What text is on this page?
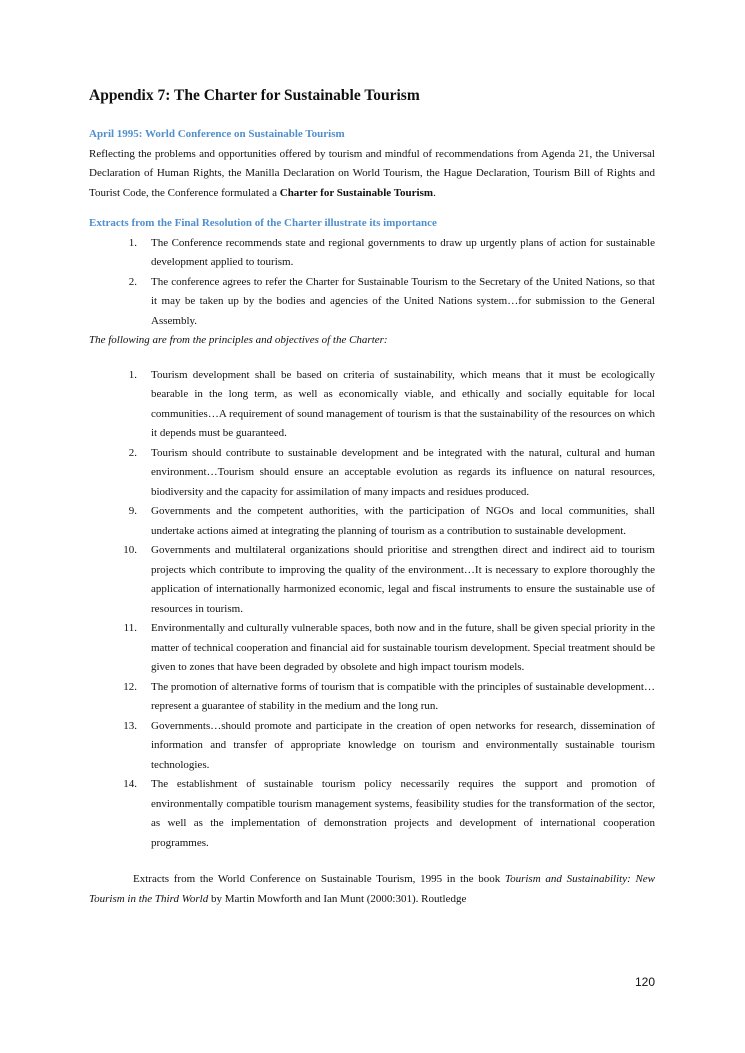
Appendix 7: The Charter for Sustainable Tourism
April 1995: World Conference on Sustainable Tourism

Reflecting the problems and opportunities offered by tourism and mindful of recommendations from Agenda 21, the Universal Declaration of Human Rights, the Manilla Declaration on World Tourism, the Hague Declaration, Tourism Bill of Rights and Tourist Code, the Conference formulated a Charter for Sustainable Tourism.

Extracts from the Final Resolution of the Charter illustrate its importance
1. The Conference recommends state and regional governments to draw up urgently plans of action for sustainable development applied to tourism.
2. The conference agrees to refer the Charter for Sustainable Tourism to the Secretary of the United Nations, so that it may be taken up by the bodies and agencies of the United Nations system…for submission to the General Assembly.

The following are from the principles and objectives of the Charter:

1. Tourism development shall be based on criteria of sustainability, which means that it must be ecologically bearable in the long term, as well as economically viable, and ethically and socially equitable for local communities…A requirement of sound management of tourism is that the sustainability of the resources on which it depends must be guaranteed.
2. Tourism should contribute to sustainable development and be integrated with the natural, cultural and human environment…Tourism should ensure an acceptable evolution as regards its influence on natural resources, biodiversity and the capacity for assimilation of many impacts and residues produced.
9. Governments and the competent authorities, with the participation of NGOs and local communities, shall undertake actions aimed at integrating the planning of tourism as a contribution to sustainable development.
10. Governments and multilateral organizations should prioritise and strengthen direct and indirect aid to tourism projects which contribute to improving the quality of the environment…It is necessary to explore thoroughly the application of internationally harmonized economic, legal and fiscal instruments to ensure the sustainable use of resources in tourism.
11. Environmentally and culturally vulnerable spaces, both now and in the future, shall be given special priority in the matter of technical cooperation and financial aid for sustainable tourism development. Special treatment should be given to zones that have been degraded by obsolete and high impact tourism models.
12. The promotion of alternative forms of tourism that is compatible with the principles of sustainable development…represent a guarantee of stability in the medium and the long run.
13. Governments…should promote and participate in the creation of open networks for research, dissemination of information and transfer of appropriate knowledge on tourism and environmentally sustainable tourism technologies.
14. The establishment of sustainable tourism policy necessarily requires the support and promotion of environmentally compatible tourism management systems, feasibility studies for the transformation of the sector, as well as the implementation of demonstration projects and development of international cooperation programmes.

Extracts from the World Conference on Sustainable Tourism, 1995 in the book Tourism and Sustainability: New Tourism in the Third World by Martin Mowforth and Ian Munt (2000:301). Routledge

120
